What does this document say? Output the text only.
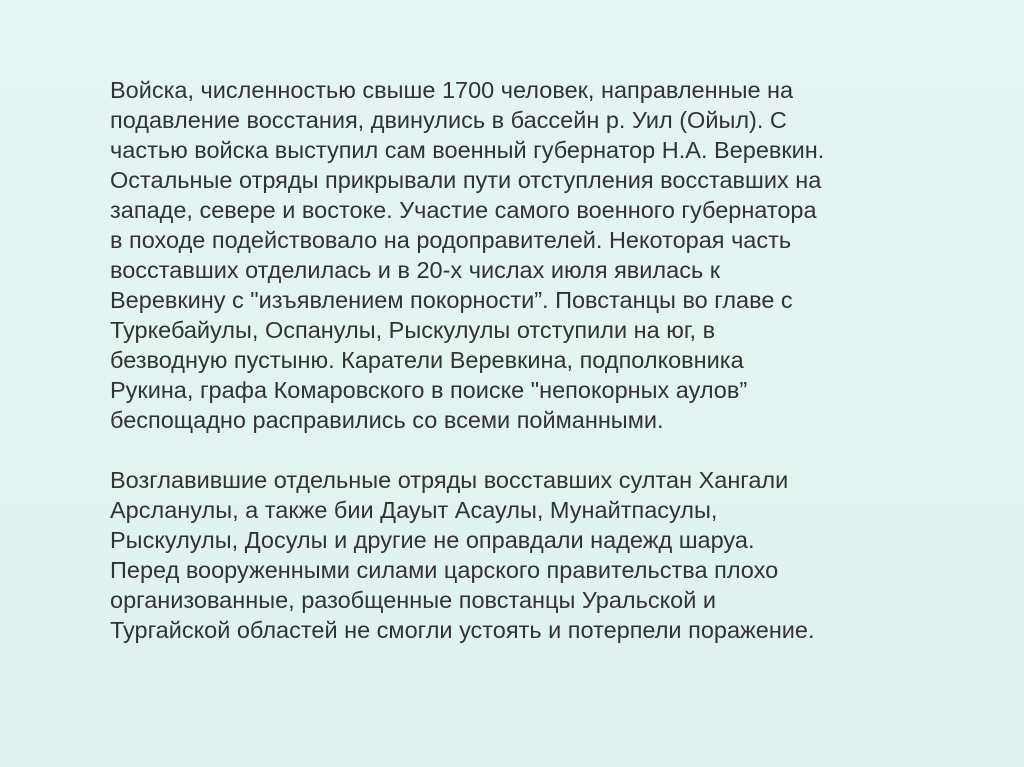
Войска, численностью свыше 1700 человек, направленные на
подавление восстания, двинулись в бассейн р. Уил (Ойыл). С
частью войска выступил сам военный губернатор Н.А. Веревкин.
Остальные отряды прикрывали пути отступления восставших на
западе, севере и востоке. Участие самого военного губернатора
в походе подействовало на родоправителей. Некоторая часть
восставших отделилась и в 20-х числах июля явилась к
Веревкину с "изъявлением покорности”. Повстанцы во главе с
Туркебайулы, Оспанулы, Рыскулулы отступили на юг, в
безводную пустыню. Каратели Веревкина, подполковника
Рукина, графа Комаровского в поиске "непокорных аулов”
беспощадно расправились со всеми пойманными.

Возглавившие отдельные отряды восставших султан Хангали
Арсланулы, а также бии Дауыт Асаулы, Мунайтпасулы,
Рыскулулы, Досулы и другие не оправдали надежд шаруа.
Перед вооруженными силами царского правительства плохо
организованные, разобщенные повстанцы Уральской и
Тургайской областей не смогли устоять и потерпели поражение.
